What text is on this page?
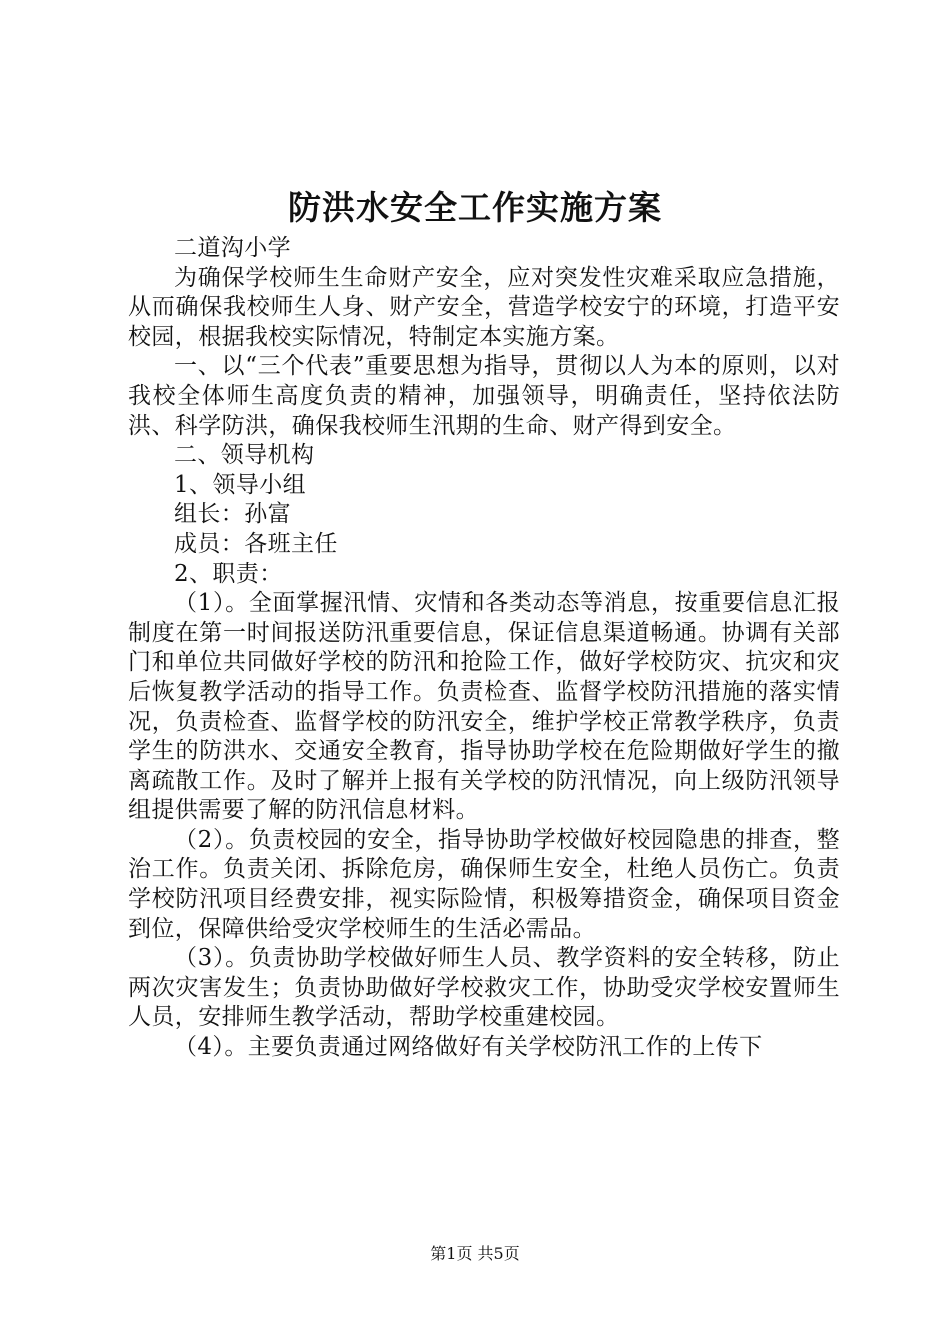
防洪水安全工作实施方案

二道沟小学

为确保学校师生生命财产安全，应对突发性灾难采取应急措施，从而确保我校师生人身、财产安全，营造学校安宁的环境，打造平安校园，根据我校实际情况，特制定本实施方案。

一、以“三个代表”重要思想为指导，贯彻以人为本的原则，以对我校全体师生高度负责的精神，加强领导，明确责任，坚持依法防洪、科学防洪，确保我校师生汛期的生命、财产得到安全。

二、领导机构

1、领导小组

组长：孙富

成员：各班主任

2、职责：

（1）。全面掌握汛情、灾情和各类动态等消息，按重要信息汇报制度在第一时间报送防汛重要信息，保证信息渠道畅通。协调有关部门和单位共同做好学校的防汛和抢险工作，做好学校防灾、抗灾和灾后恢复教学活动的指导工作。负责检查、监督学校防汛措施的落实情况，负责检查、监督学校的防汛安全，维护学校正常教学秩序，负责学生的防洪水、交通安全教育，指导协助学校在危险期做好学生的撤离疏散工作。及时了解并上报有关学校的防汛情况，向上级防汛领导组提供需要了解的防汛信息材料。

（2）。负责校园的安全，指导协助学校做好校园隐患的排查，整治工作。负责关闭、拆除危房，确保师生安全，杜绝人员伤亡。负责学校防汛项目经费安排，视实际险情，积极筹措资金，确保项目资金到位，保障供给受灾学校师生的生活必需品。

（3）。负责协助学校做好师生人员、教学资料的安全转移，防止两次灾害发生；负责协助做好学校救灾工作，协助受灾学校安置师生人员，安排师生教学活动，帮助学校重建校园。

（4）。主要负责通过网络做好有关学校防汛工作的上传下

第1页 共5页
